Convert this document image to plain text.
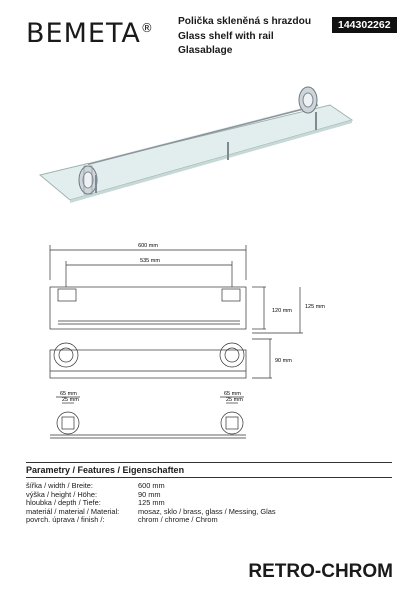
BEMETA® Polička skleněná s hrazdou
Glass shelf with rail
Glasablage
144302262
600 mm
535 mm
120 mm
125 mm
90 mm
65 mm
25 mm
65 mm
25 mm
Parametry / Features / Eigenschaften
šířka / width / Breite:	600 mm
výška / height / Höhe:	90 mm
hloubka / depth / Tiefe:	125 mm
materiál / material / Material:	mosaz, sklo / brass, glass / Messing, Glas
povrch. úprava / finish /:	chrom / chrome / Chrom
RETRO-CHROM
